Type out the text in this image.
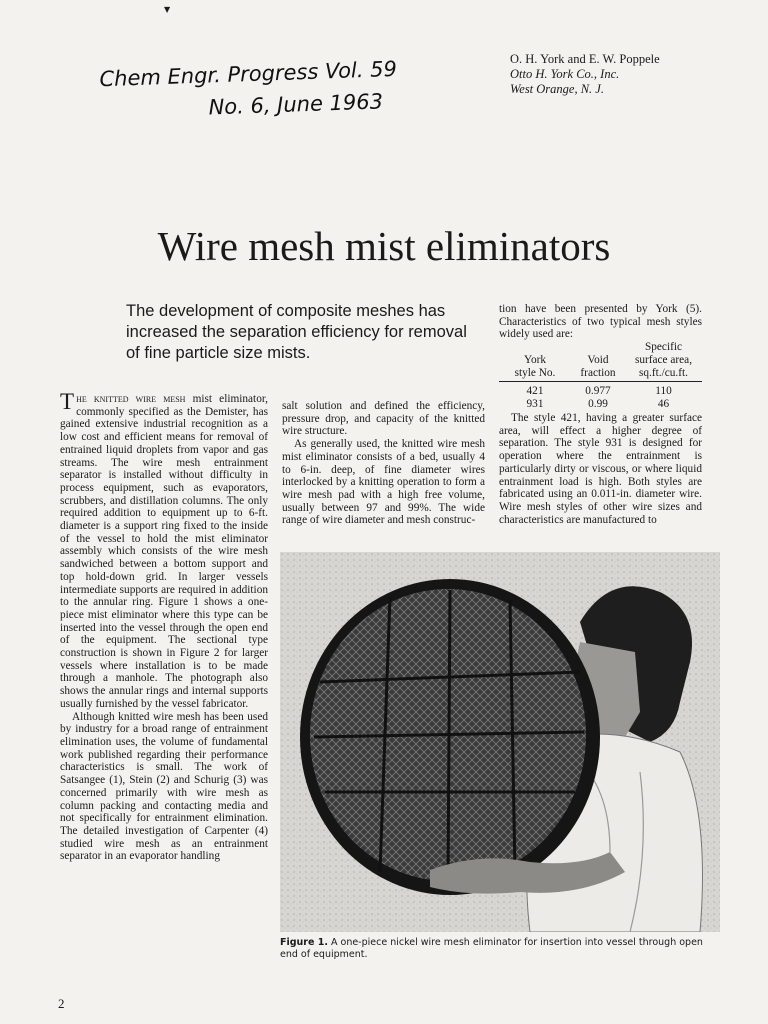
▼
Chem Engr. Progress Vol. 59
No. 6, June 1963
O. H. York and E. W. Poppele
Otto H. York Co., Inc.
West Orange, N. J.
Wire mesh mist eliminators
The development of composite meshes has increased the separation efficiency for removal of fine particle size mists.

The knitted wire mesh mist eliminator, commonly specified as the Demister, has gained extensive industrial recognition as a low cost and efficient means for removal of entrained liquid droplets from vapor and gas streams. The wire mesh entrainment separator is installed without difficulty in process equipment, such as evaporators, scrubbers, and distillation columns. The only required addition to equipment up to 6-ft. diameter is a support ring fixed to the inside of the vessel to hold the mist eliminator assembly which consists of the wire mesh sandwiched between a bottom support and top hold-down grid. In larger vessels intermediate supports are required in addition to the annular ring. Figure 1 shows a one-piece mist eliminator where this type can be inserted into the vessel through the open end of the equipment. The sectional type construction is shown in Figure 2 for larger vessels where installation is to be made through a manhole. The photograph also shows the annular rings and internal supports usually furnished by the vessel fabricator.

Although knitted wire mesh has been used by industry for a broad range of entrainment elimination uses, the volume of fundamental work published regarding their performance characteristics is small. The work of Satsangee (1), Stein (2) and Schurig (3) was concerned primarily with wire mesh as column packing and contacting media and not specifically for entrainment elimination. The detailed investigation of Carpenter (4) studied wire mesh as an entrainment separator in an evaporator handling

salt solution and defined the efficiency, pressure drop, and capacity of the knitted wire structure.

As generally used, the knitted wire mesh mist eliminator consists of a bed, usually 4 to 6-in. deep, of fine diameter wires interlocked by a knitting operation to form a wire mesh pad with a high free volume, usually between 97 and 99%. The wide range of wire diameter and mesh construc-

tion have been presented by York (5). Characteristics of two typical mesh styles widely used are:

Specific
York	Void	surface area,
style No.	fraction	sq.ft./cu.ft.
421	0.977	110
931	0.99	46

The style 421, having a greater surface area, will effect a higher degree of separation. The style 931 is designed for operation where the entrainment is particularly dirty or viscous, or where liquid entrainment load is high. Both styles are fabricated using an 0.011-in. diameter wire. Wire mesh styles of other wire sizes and characteristics are manufactured to

Figure 1. A one-piece nickel wire mesh eliminator for insertion into vessel through open end of equipment.
2
